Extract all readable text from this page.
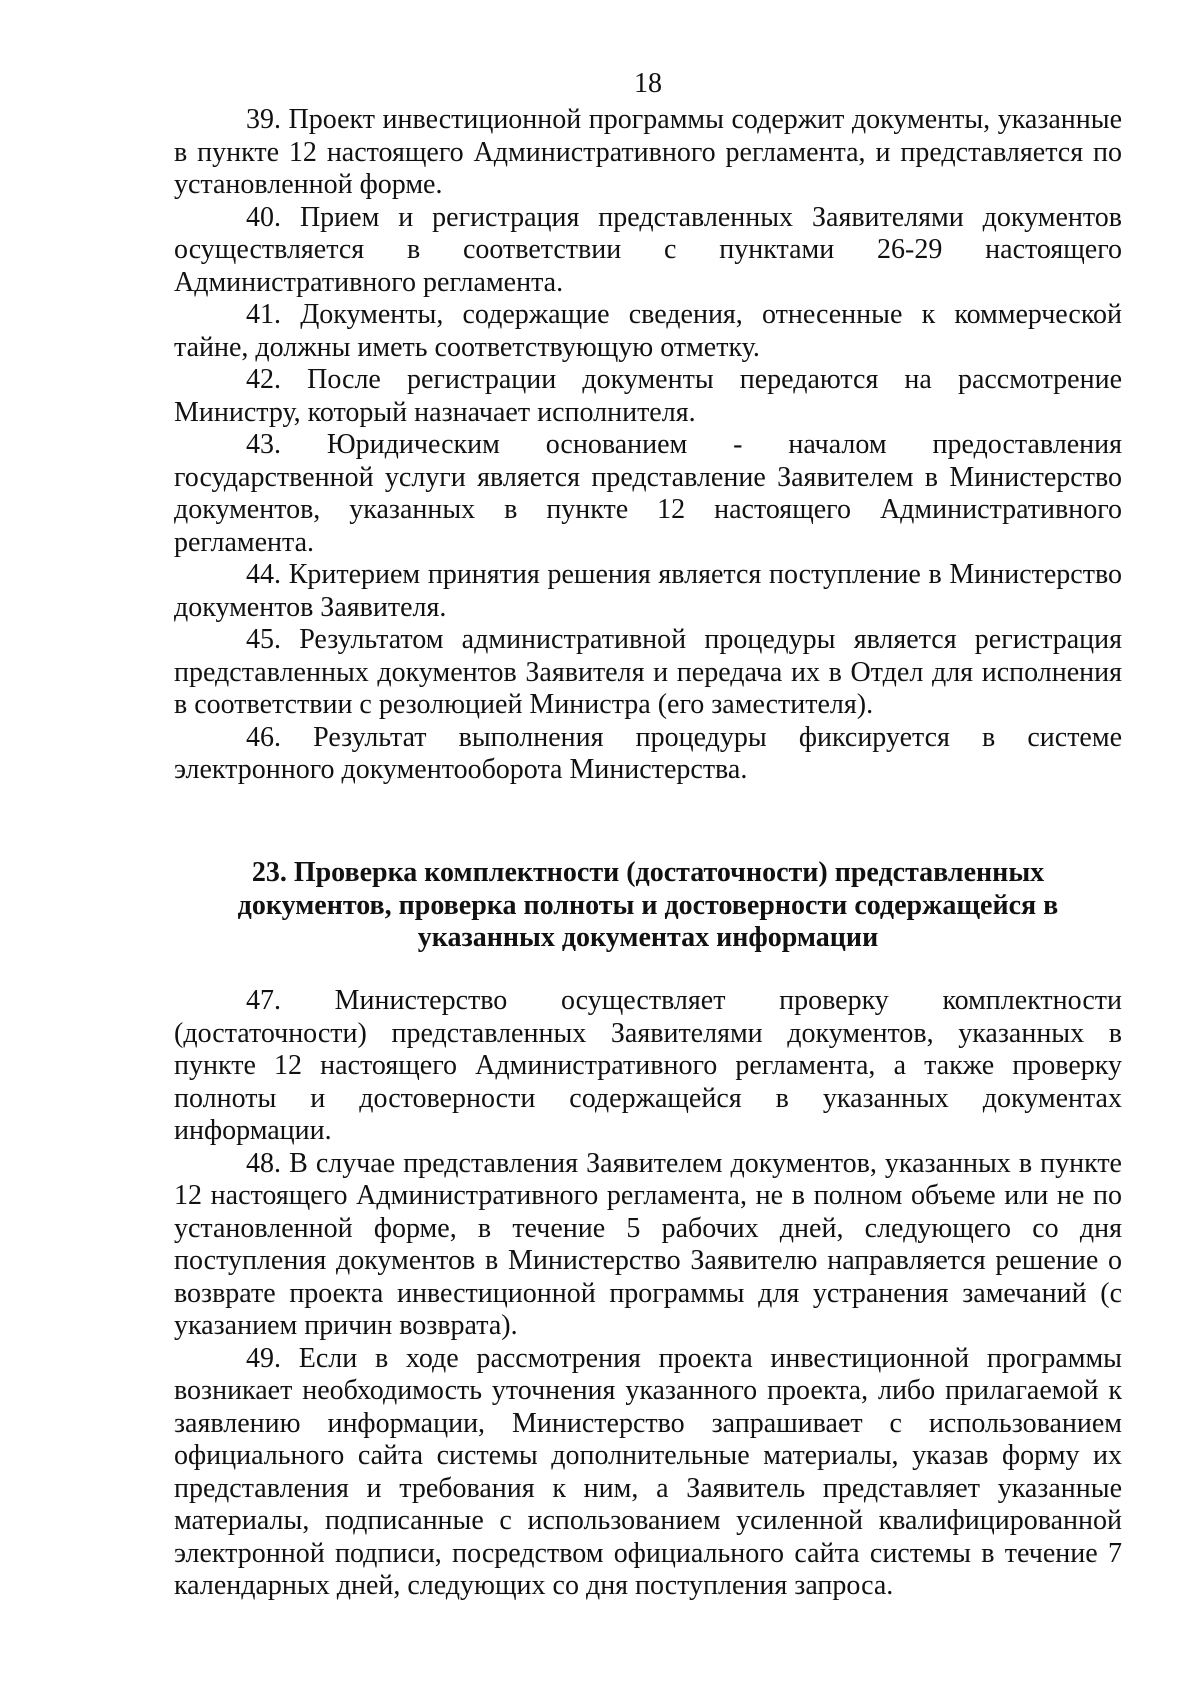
18

39. Проект инвестиционной программы содержит документы, указанные в пункте 12 настоящего Административного регламента, и представляется по установленной форме.

40. Прием и регистрация представленных Заявителями документов осуществляется в соответствии с пунктами 26-29 настоящего Административного регламента.

41. Документы, содержащие сведения, отнесенные к коммерческой тайне, должны иметь соответствующую отметку.

42. После регистрации документы передаются на рассмотрение Министру, который назначает исполнителя.

43. Юридическим основанием - началом предоставления государственной услуги является представление Заявителем в Министерство документов, указанных в пункте 12 настоящего Административного регламента.

44. Критерием принятия решения является поступление в Министерство документов Заявителя.

45. Результатом административной процедуры является регистрация представленных документов Заявителя и передача их в Отдел для исполнения в соответствии с резолюцией Министра (его заместителя).

46. Результат выполнения процедуры фиксируется в системе электронного документооборота Министерства.

23. Проверка комплектности (достаточности) представленных документов, проверка полноты и достоверности содержащейся в указанных документах информации

47. Министерство осуществляет проверку комплектности (достаточности) представленных Заявителями документов, указанных в пункте 12 настоящего Административного регламента, а также проверку полноты и достоверности содержащейся в указанных документах информации.

48. В случае представления Заявителем документов, указанных в пункте 12 настоящего Административного регламента, не в полном объеме или не по установленной форме, в течение 5 рабочих дней, следующего со дня поступления документов в Министерство Заявителю направляется решение о возврате проекта инвестиционной программы для устранения замечаний (с указанием причин возврата).

49. Если в ходе рассмотрения проекта инвестиционной программы возникает необходимость уточнения указанного проекта, либо прилагаемой к заявлению информации, Министерство запрашивает с использованием официального сайта системы дополнительные материалы, указав форму их представления и требования к ним, а Заявитель представляет указанные материалы, подписанные с использованием усиленной квалифицированной электронной подписи, посредством официального сайта системы в течение 7 календарных дней, следующих со дня поступления запроса.
